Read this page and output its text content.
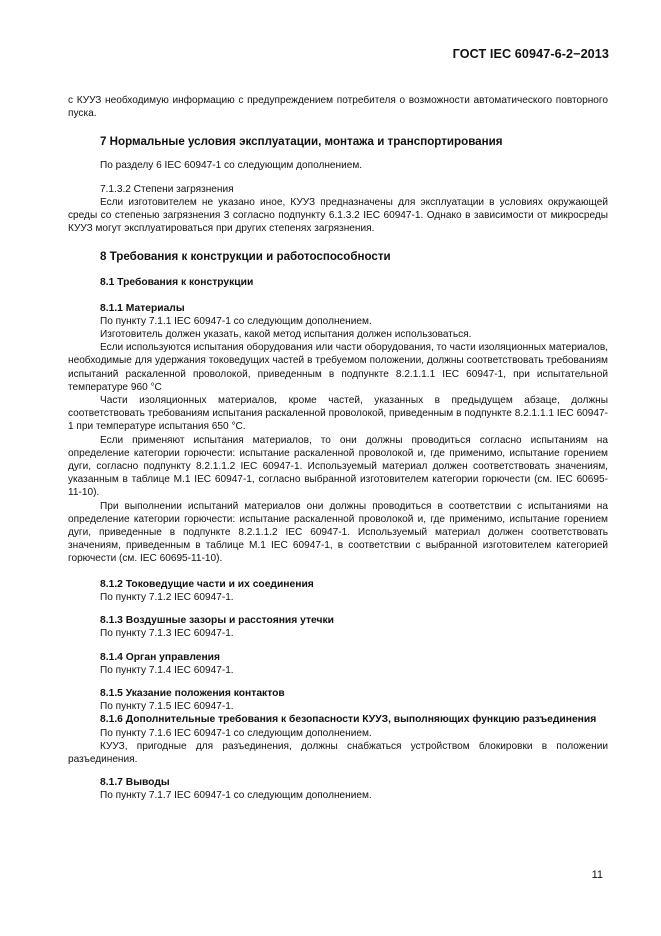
ГОСТ IEC 60947-6-2−2013

с КУУЗ необходимую информацию с предупреждением потребителя о возможности автоматического повторного пуска.

7 Нормальные условия эксплуатации, монтажа и транспортирования

По разделу 6 IEC 60947-1 со следующим дополнением.

7.1.3.2 Степени загрязнения

Если изготовителем не указано иное, КУУЗ предназначены для эксплуатации в условиях окружающей среды со степенью загрязнения 3 согласно подпункту 6.1.3.2 IEC 60947-1. Однако в зависимости от микросреды КУУЗ могут эксплуатироваться при других степенях загрязнения.

8 Требования к конструкции и работоспособности

8.1 Требования к конструкции

8.1.1 Материалы

По пункту 7.1.1 IEC 60947-1 со следующим дополнением.

Изготовитель должен указать, какой метод испытания должен использоваться.

Если используются испытания оборудования или части оборудования, то части изоляционных материалов, необходимые для удержания токоведущих частей в требуемом положении, должны соответствовать требованиям испытаний раскаленной проволокой, приведенным в подпункте 8.2.1.1.1 IEC 60947-1, при испытательной температуре 960 °С

Части изоляционных материалов, кроме частей, указанных в предыдущем абзаце, должны соответствовать требованиям испытания раскаленной проволокой, приведенным в подпункте 8.2.1.1.1 IEC 60947-1 при температуре испытания 650 °С.

Если применяют испытания материалов, то они должны проводиться согласно испытаниям на определение категории горючести: испытание раскаленной проволокой и, где применимо, испытание горением дуги, согласно подпункту 8.2.1.1.2 IEC 60947-1. Используемый материал должен соответствовать значениям, указанным в таблице М.1 IEC 60947-1, согласно выбранной изготовителем категории горючести (см. IEC 60695-11-10).

При выполнении испытаний материалов они должны проводиться в соответствии с испытаниями на определение категории горючести: испытание раскаленной проволокой и, где применимо, испытание горением дуги, приведенные в подпункте 8.2.1.1.2 IEC 60947-1. Используемый материал должен соответствовать значениям, приведенным в таблице М.1 IEC 60947-1, в соответствии с выбранной изготовителем категорией горючести (см. IEC 60695-11-10).

8.1.2 Токоведущие части и их соединения

По пункту 7.1.2 IEC 60947-1.

8.1.3 Воздушные зазоры и расстояния утечки

По пункту 7.1.3 IEC 60947-1.

8.1.4 Орган управления

По пункту 7.1.4 IEC 60947-1.

8.1.5 Указание положения контактов

По пункту 7.1.5 IEC 60947-1.

8.1.6 Дополнительные требования к безопасности КУУЗ, выполняющих функцию разъединения

По пункту 7.1.6 IEC 60947-1 со следующим дополнением.

КУУЗ, пригодные для разъединения, должны снабжаться устройством блокировки в положении разъединения.

8.1.7 Выводы

По пункту 7.1.7 IEC 60947-1 со следующим дополнением.

11
